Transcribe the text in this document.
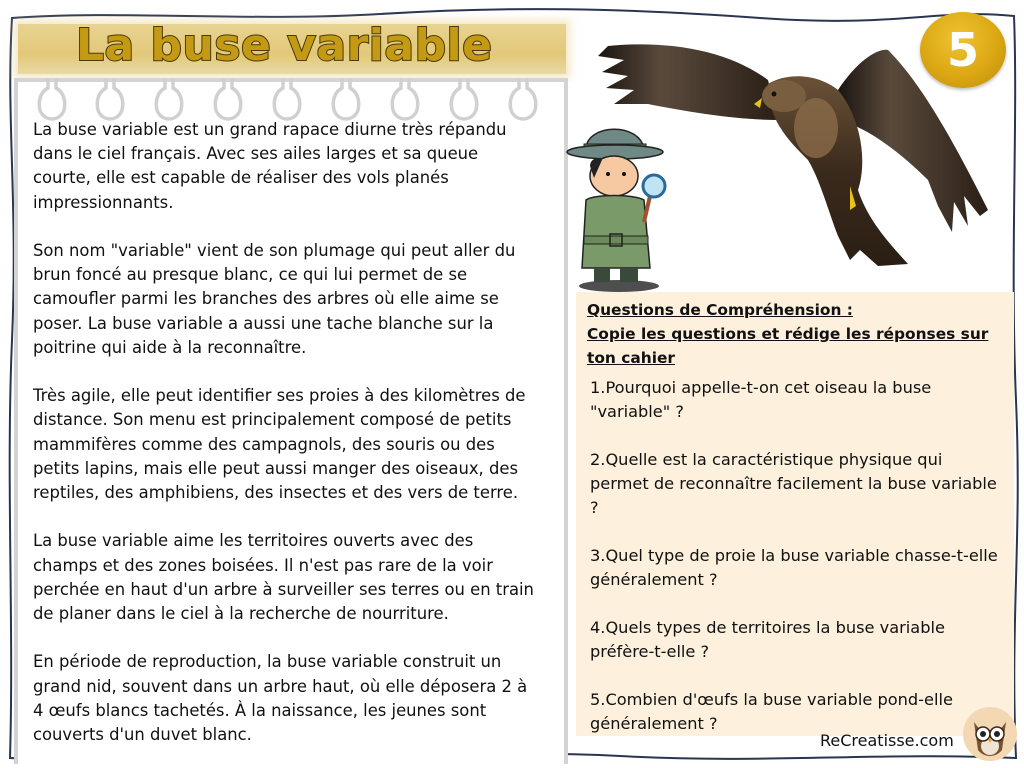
La buse variable

La buse variable est un grand rapace diurne très répandu dans le ciel français. Avec ses ailes larges et sa queue courte, elle est capable de réaliser des vols planés impressionnants.

Son nom "variable" vient de son plumage qui peut aller du brun foncé au presque blanc, ce qui lui permet de se camoufler parmi les branches des arbres où elle aime se poser. La buse variable a aussi une tache blanche sur la poitrine qui aide à la reconnaître.

Très agile, elle peut identifier ses proies à des kilomètres de distance. Son menu est principalement composé de petits mammifères comme des campagnols, des souris ou des petits lapins, mais elle peut aussi manger des oiseaux, des reptiles, des amphibiens, des insectes et des vers de terre.

La buse variable aime les territoires ouverts avec des champs et des zones boisées. Il n'est pas rare de la voir perchée en haut d'un arbre à surveiller ses terres ou en train de planer dans le ciel à la recherche de nourriture.

En période de reproduction, la buse variable construit un grand nid, souvent dans un arbre haut, où elle déposera 2 à 4 œufs blancs tachetés. À la naissance, les jeunes sont couverts d'un duvet blanc.

5
Questions de Compréhension :
Copie les questions et rédige les réponses sur ton cahier
1.Pourquoi appelle-t-on cet oiseau la buse "variable" ?
2.Quelle est la caractéristique physique qui permet de reconnaître facilement la buse variable ?
3.Quel type de proie la buse variable chasse-t-elle généralement ?
4.Quels types de territoires la buse variable préfère-t-elle ?
5.Combien d'œufs la buse variable pond-elle généralement ?
ReCreatisse.com
